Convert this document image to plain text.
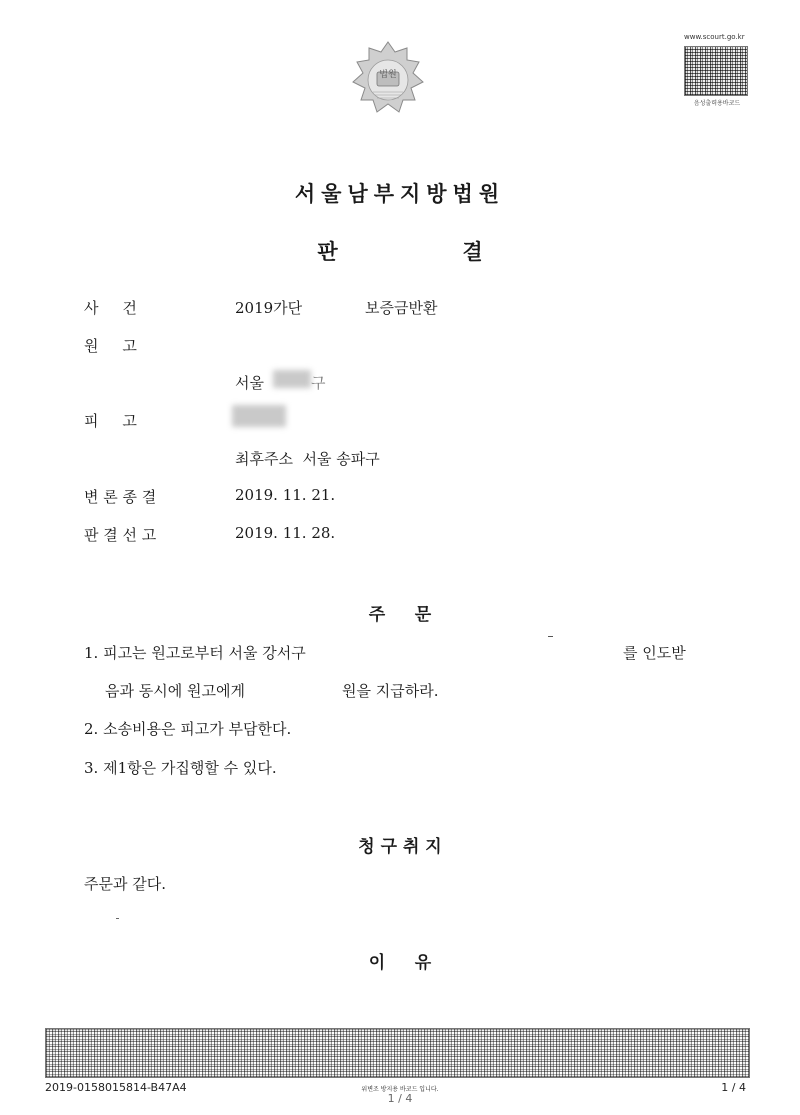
법원
www.scourt.go.kr
음성출력용바코드
서울남부지방법원
판	결
사     건	2019가단	보증금반환
원     고
서울	구
피     고
최후주소  서울 송파구
변 론 종 결	2019. 11. 21.
판 결 선 고	2019. 11. 28.
주     문
1. 피고는 원고로부터 서울 강서구	를 인도받
음과 동시에 원고에게	원을 지급하라.
2. 소송비용은 피고가 부담한다.
3. 제1항은 가집행할 수 있다.
청 구 취 지
주문과 같다.
이     유
2019-0158015814-B47A4	위변조 방지용 바코드 입니다.
1 / 4
1 / 4
